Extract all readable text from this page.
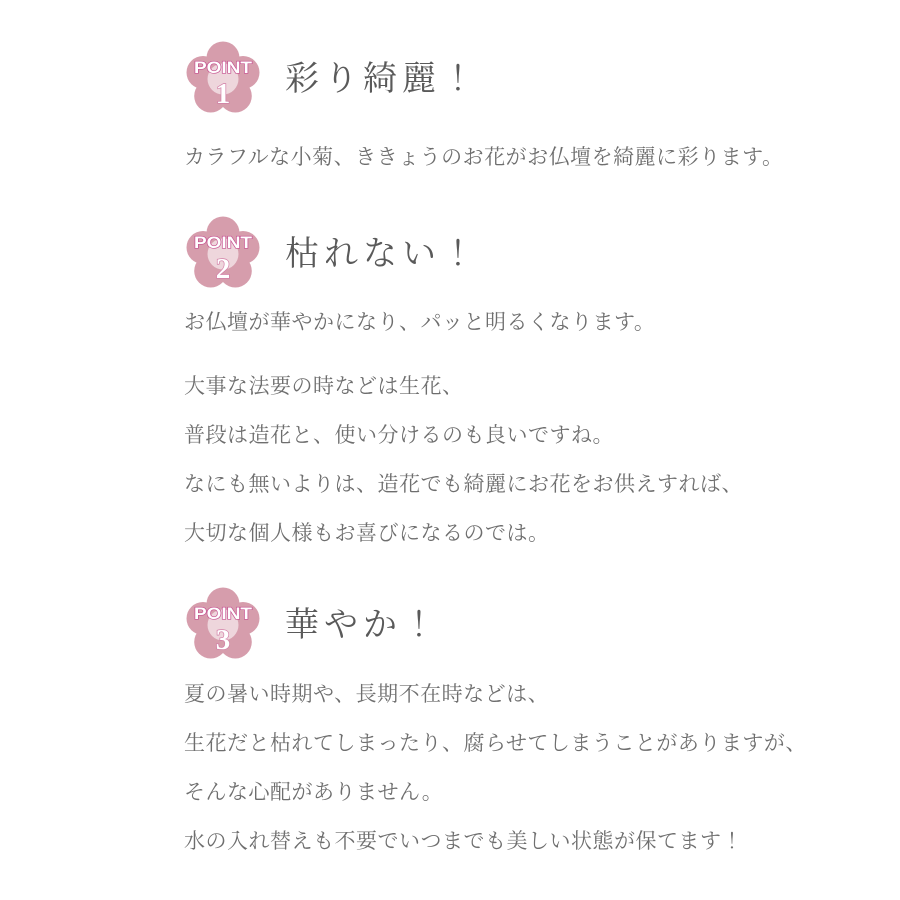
POINT
1 彩り綺麗！

カラフルな小菊、ききょうのお花がお仏壇を綺麗に彩ります。

POINT
2 枯れない！

お仏壇が華やかになり、パッと明るくなります。

大事な法要の時などは生花、

普段は造花と、使い分けるのも良いですね。

なにも無いよりは、造花でも綺麗にお花をお供えすれば、

大切な個人様もお喜びになるのでは。

POINT
3 華やか！

夏の暑い時期や、長期不在時などは、

生花だと枯れてしまったり、腐らせてしまうことがありますが、

そんな心配がありません。

水の入れ替えも不要でいつまでも美しい状態が保てます！
